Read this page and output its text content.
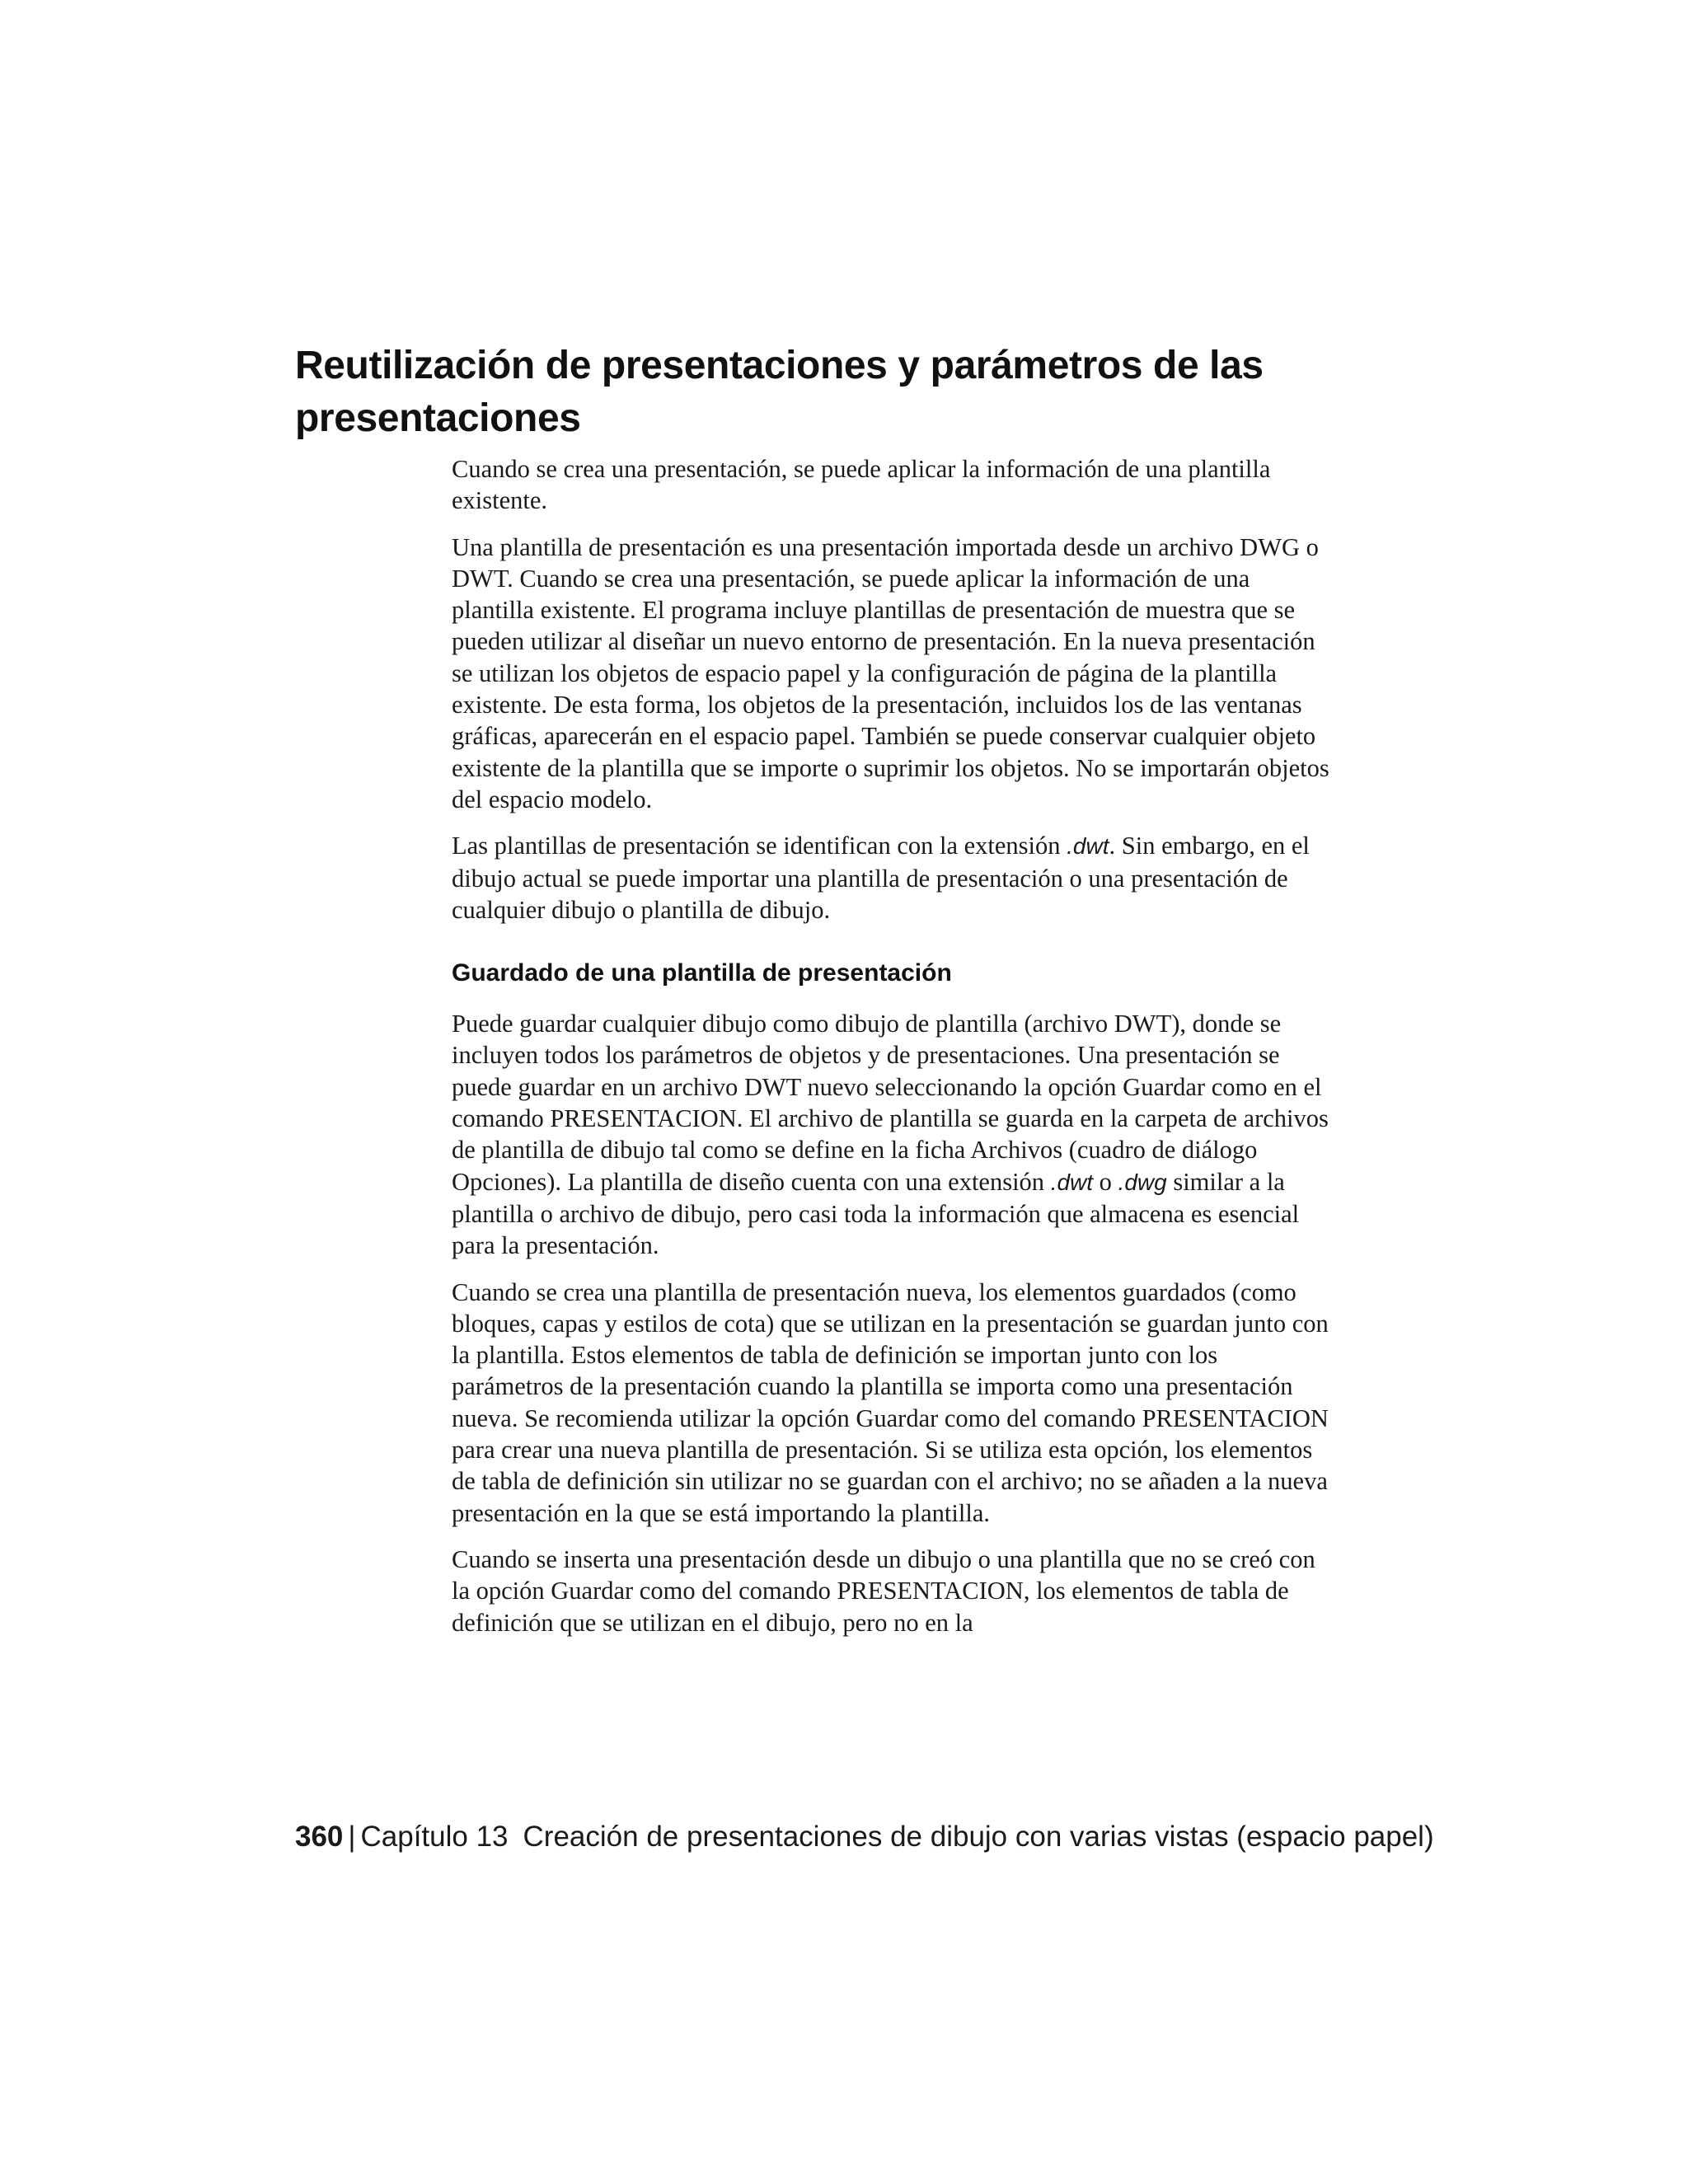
Reutilización de presentaciones y parámetros de las presentaciones

Cuando se crea una presentación, se puede aplicar la información de una plantilla existente.

Una plantilla de presentación es una presentación importada desde un archivo DWG o DWT. Cuando se crea una presentación, se puede aplicar la información de una plantilla existente. El programa incluye plantillas de presentación de muestra que se pueden utilizar al diseñar un nuevo entorno de presentación. En la nueva presentación se utilizan los objetos de espacio papel y la configuración de página de la plantilla existente. De esta forma, los objetos de la presentación, incluidos los de las ventanas gráficas, aparecerán en el espacio papel. También se puede conservar cualquier objeto existente de la plantilla que se importe o suprimir los objetos. No se importarán objetos del espacio modelo.

Las plantillas de presentación se identifican con la extensión .dwt. Sin embargo, en el dibujo actual se puede importar una plantilla de presentación o una presentación de cualquier dibujo o plantilla de dibujo.

Guardado de una plantilla de presentación

Puede guardar cualquier dibujo como dibujo de plantilla (archivo DWT), donde se incluyen todos los parámetros de objetos y de presentaciones. Una presentación se puede guardar en un archivo DWT nuevo seleccionando la opción Guardar como en el comando PRESENTACION. El archivo de plantilla se guarda en la carpeta de archivos de plantilla de dibujo tal como se define en la ficha Archivos (cuadro de diálogo Opciones). La plantilla de diseño cuenta con una extensión .dwt o .dwg similar a la plantilla o archivo de dibujo, pero casi toda la información que almacena es esencial para la presentación.

Cuando se crea una plantilla de presentación nueva, los elementos guardados (como bloques, capas y estilos de cota) que se utilizan en la presentación se guardan junto con la plantilla. Estos elementos de tabla de definición se importan junto con los parámetros de la presentación cuando la plantilla se importa como una presentación nueva. Se recomienda utilizar la opción Guardar como del comando PRESENTACION para crear una nueva plantilla de presentación. Si se utiliza esta opción, los elementos de tabla de definición sin utilizar no se guardan con el archivo; no se añaden a la nueva presentación en la que se está importando la plantilla.

Cuando se inserta una presentación desde un dibujo o una plantilla que no se creó con la opción Guardar como del comando PRESENTACION, los elementos de tabla de definición que se utilizan en el dibujo, pero no en la

360 | Capítulo 13 Creación de presentaciones de dibujo con varias vistas (espacio papel)
